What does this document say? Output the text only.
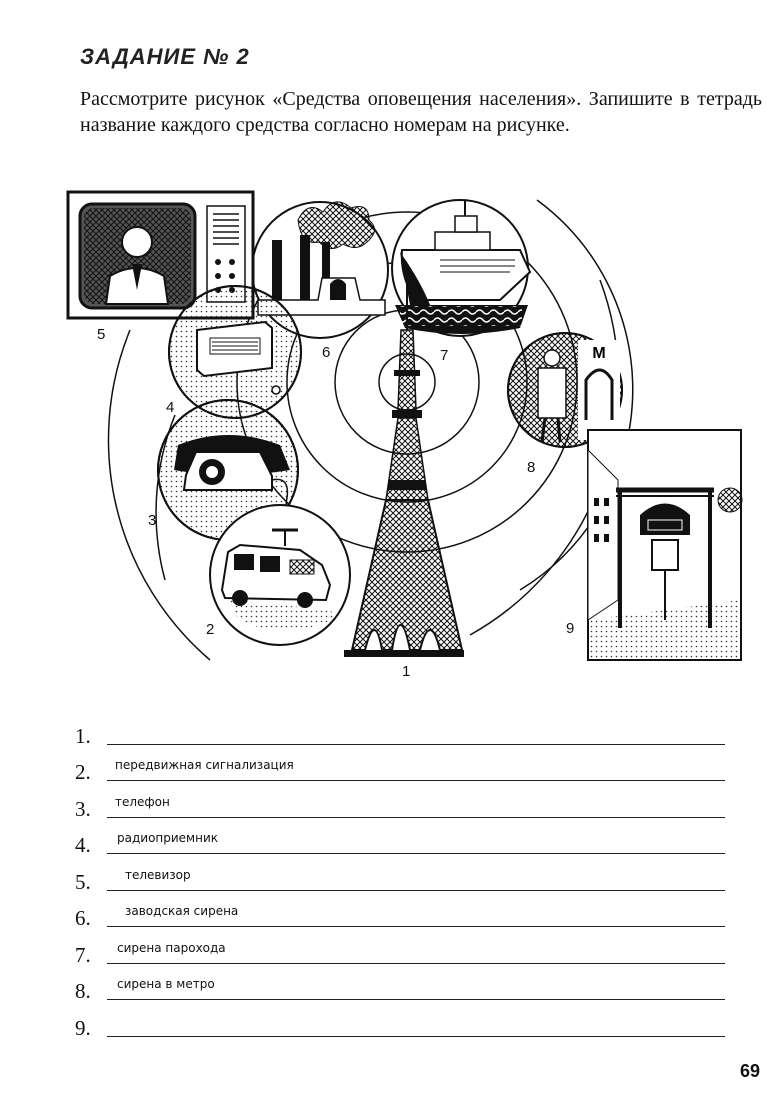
ЗАДАНИЕ № 2
Рассмотрите рисунок «Средства оповещения населения». Запишите в тетрадь название каждого средства согласно номерам на рисунке.
М
1
2
3
4
5
6	7
8
9
1.
2.	передвижная сигнализация
3.	телефон
4.	радиоприемник
5.	телевизор
6.	заводская сирена
7.	сирена парохода
8.	сирена в метро
9.
69
